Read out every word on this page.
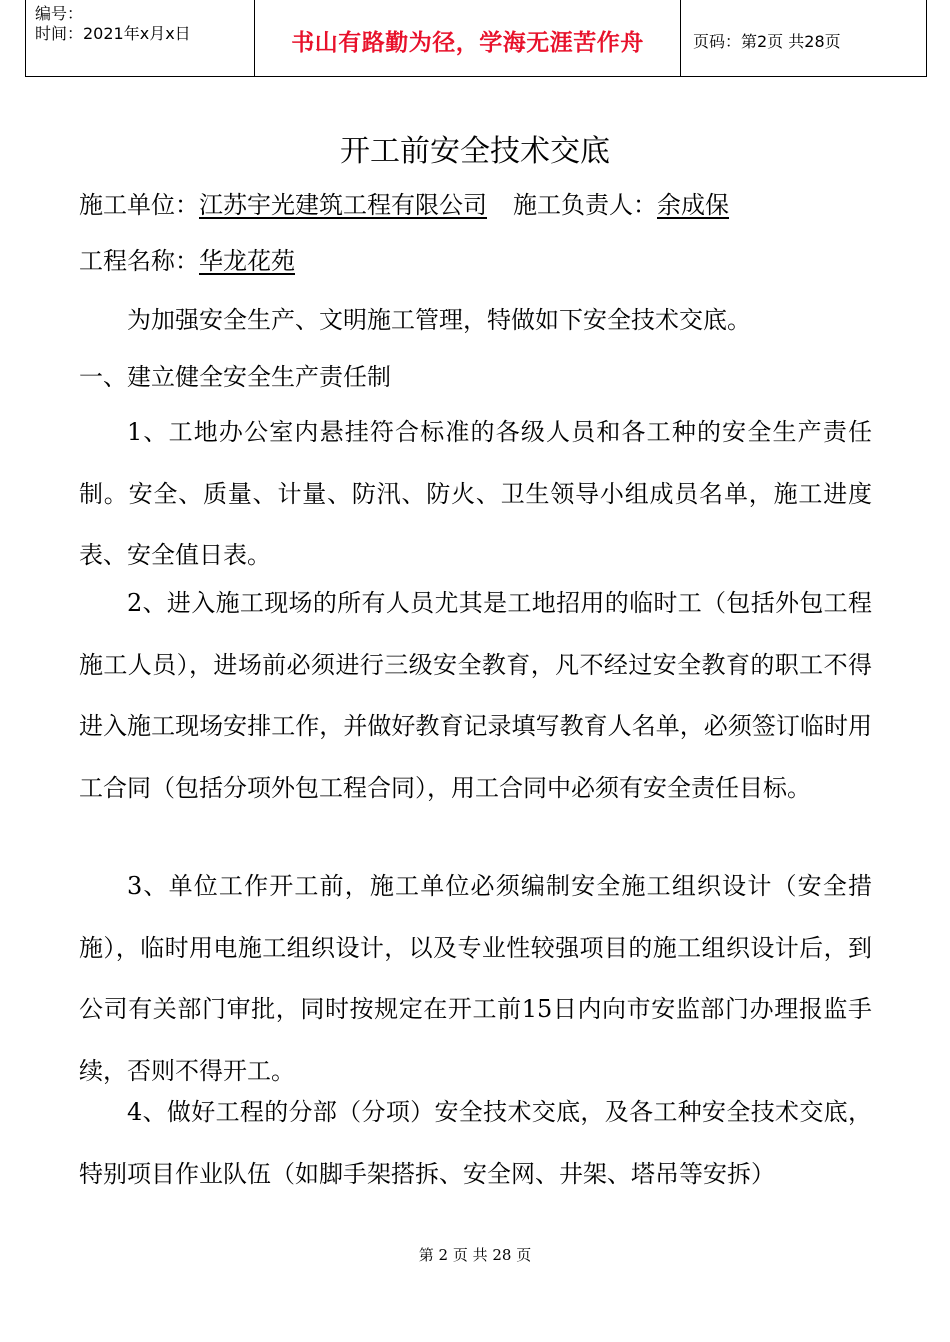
编号：
时间：2021年x月x日	书山有路勤为径，学海无涯苦作舟	页码：第2页 共28页
开工前安全技术交底
施工单位：江苏宇光建筑工程有限公司 施工负责人：余成保
工程名称：华龙花苑
为加强安全生产、文明施工管理，特做如下安全技术交底。
一、建立健全安全生产责任制

1、工地办公室内悬挂符合标准的各级人员和各工种的安全生产责任制。安全、质量、计量、防汛、防火、卫生领导小组成员名单，施工进度表、安全值日表。

2、进入施工现场的所有人员尤其是工地招用的临时工（包括外包工程施工人员），进场前必须进行三级安全教育，凡不经过安全教育的职工不得进入施工现场安排工作，并做好教育记录填写教育人名单，必须签订临时用工合同（包括分项外包工程合同），用工合同中必须有安全责任目标。

3、单位工作开工前，施工单位必须编制安全施工组织设计（安全措施），临时用电施工组织设计，以及专业性较强项目的施工组织设计后，到公司有关部门审批，同时按规定在开工前15日内向市安监部门办理报监手续，否则不得开工。

4、做好工程的分部（分项）安全技术交底，及各工种安全技术交底，特别项目作业队伍（如脚手架搭拆、安全网、井架、塔吊等安拆）

第 2 页 共 28 页
